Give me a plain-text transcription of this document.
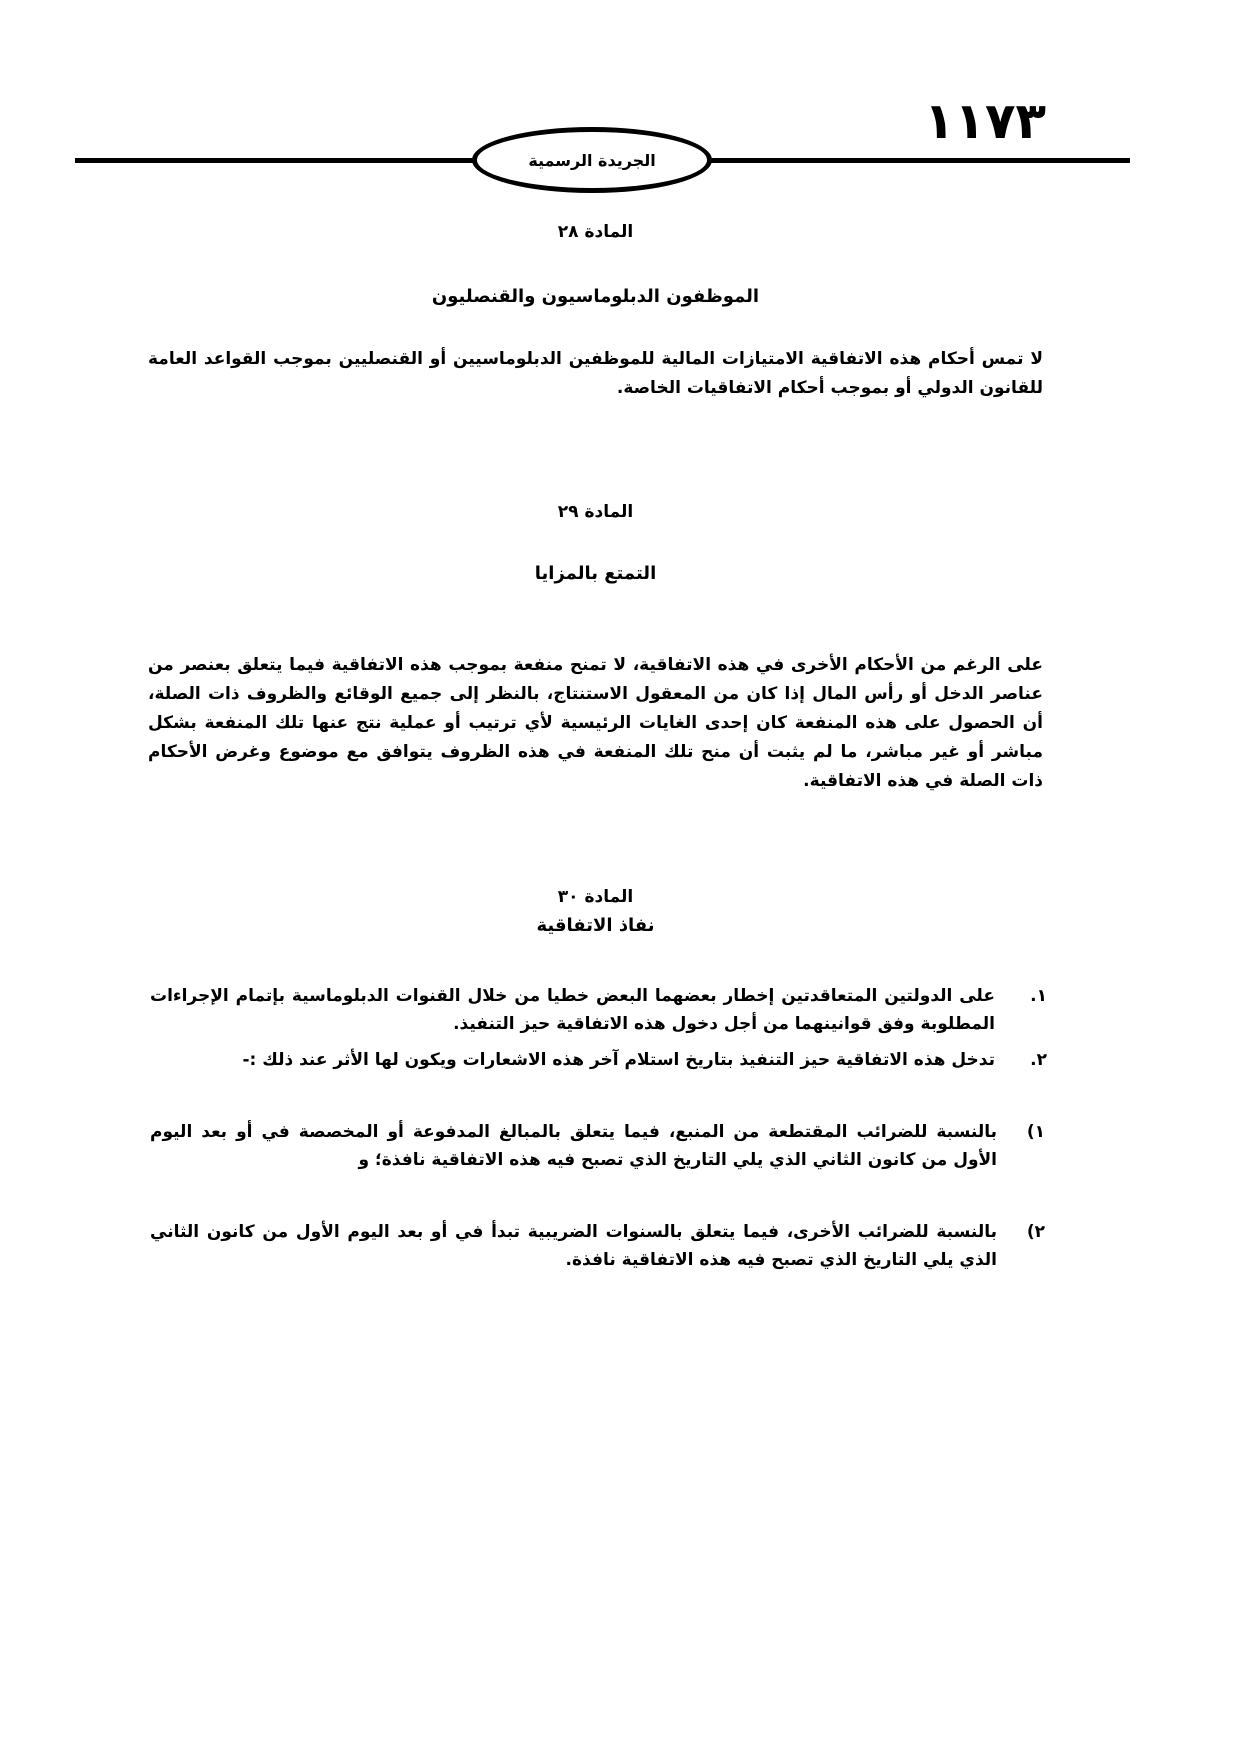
١١٧٣
الجريدة الرسمية
المادة ٢٨
الموظفون الدبلوماسيون والقنصليون
لا تمس أحكام هذه الاتفاقية الامتيازات المالية للموظفين الدبلوماسيين أو القنصليين بموجب القواعد العامة للقانون الدولي أو بموجب أحكام الاتفاقيات الخاصة.
المادة ٢٩
التمتع بالمزايا
على الرغم من الأحكام الأخرى في هذه الاتفاقية، لا تمنح منفعة بموجب هذه الاتفاقية فيما يتعلق بعنصر من عناصر الدخل أو رأس المال إذا كان من المعقول الاستنتاج، بالنظر إلى جميع الوقائع والظروف ذات الصلة، أن الحصول على هذه المنفعة كان إحدى الغايات الرئيسية لأي ترتيب أو عملية نتج عنها تلك المنفعة بشكل مباشر أو غير مباشر، ما لم يثبت أن منح تلك المنفعة في هذه الظروف يتوافق مع موضوع وغرض الأحكام ذات الصلة في هذه الاتفاقية.
المادة ٣٠
نفاذ الاتفاقية
١.
على الدولتين المتعاقدتين إخطار بعضهما البعض خطيا من خلال القنوات الدبلوماسية بإتمام الإجراءات المطلوبة وفق قوانينهما من أجل دخول هذه الاتفاقية حيز التنفيذ.
٢.
تدخل هذه الاتفاقية حيز التنفيذ بتاريخ استلام آخر هذه الاشعارات ويكون لها الأثر عند ذلك :-
١)
بالنسبة للضرائب المقتطعة من المنبع، فيما يتعلق بالمبالغ المدفوعة أو المخصصة في أو بعد اليوم الأول من كانون الثاني الذي يلي التاريخ الذي تصبح فيه هذه الاتفاقية نافذة؛ و
٢)
بالنسبة للضرائب الأخرى، فيما يتعلق بالسنوات الضريبية تبدأ في أو بعد اليوم الأول من كانون الثاني الذي يلي التاريخ الذي تصبح فيه هذه الاتفاقية نافذة.
